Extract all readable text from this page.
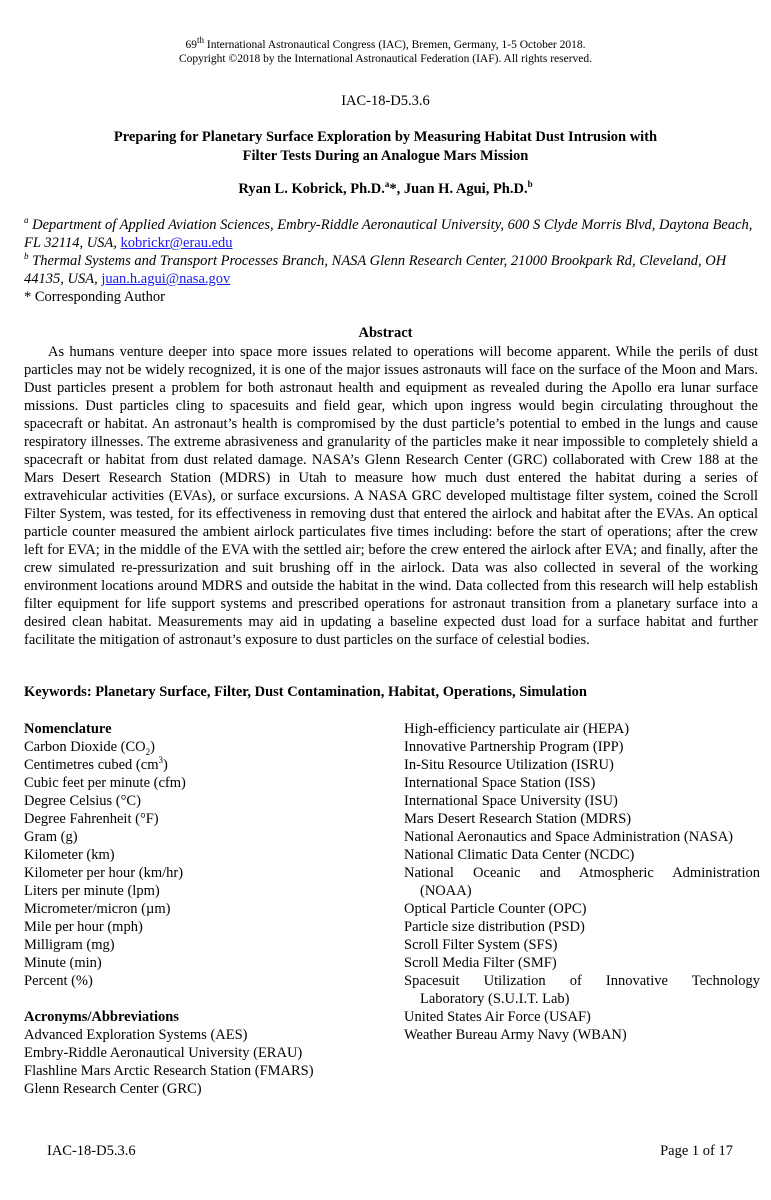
69th International Astronautical Congress (IAC), Bremen, Germany, 1-5 October 2018.
Copyright ©2018 by the International Astronautical Federation (IAF). All rights reserved.
IAC-18-D5.3.6
Preparing for Planetary Surface Exploration by Measuring Habitat Dust Intrusion with Filter Tests During an Analogue Mars Mission
Ryan L. Kobrick, Ph.D.$^a$*, Juan H. Agui, Ph.D.$^b$
$^a$ Department of Applied Aviation Sciences, Embry-Riddle Aeronautical University, 600 S Clyde Morris Blvd, Daytona Beach, FL 32114, USA, kobrickr@erau.edu
$^b$ Thermal Systems and Transport Processes Branch, NASA Glenn Research Center, 21000 Brookpark Rd, Cleveland, OH 44135, USA, juan.h.agui@nasa.gov
* Corresponding Author
Abstract

As humans venture deeper into space more issues related to operations will become apparent. While the perils of dust particles may not be widely recognized, it is one of the major issues astronauts will face on the surface of the Moon and Mars. Dust particles present a problem for both astronaut health and equipment as revealed during the Apollo era lunar surface missions. Dust particles cling to spacesuits and field gear, which upon ingress would begin circulating throughout the spacecraft or habitat. An astronaut’s health is compromised by the dust particle’s potential to embed in the lungs and cause respiratory illnesses. The extreme abrasiveness and granularity of the particles make it near impossible to completely shield a spacecraft or habitat from dust related damage. NASA’s Glenn Research Center (GRC) collaborated with Crew 188 at the Mars Desert Research Station (MDRS) in Utah to measure how much dust entered the habitat during a series of extravehicular activities (EVAs), or surface excursions. A NASA GRC developed multistage filter system, coined the Scroll Filter System, was tested, for its effectiveness in removing dust that entered the airlock and habitat after the EVAs. An optical particle counter measured the ambient airlock particulates five times including: before the start of operations; after the crew left for EVA; in the middle of the EVA with the settled air; before the crew entered the airlock after EVA; and finally, after the crew simulated re-pressurization and suit brushing off in the airlock. Data was also collected in several of the working environment locations around MDRS and outside the habitat in the wind. Data collected from this research will help establish filter equipment for life support systems and prescribed operations for astronaut transition from a planetary surface into a desired clean habitat. Measurements may aid in updating a baseline expected dust load for a surface habitat and further facilitate the mitigation of astronaut’s exposure to dust particles on the surface of celestial bodies.

Keywords: Planetary Surface, Filter, Dust Contamination, Habitat, Operations, Simulation
Nomenclature
Carbon Dioxide $(CO_2)$
Centimetres cubed $(cm^3)$
Cubic feet per minute (cfm)
Degree Celsius (°C)
Degree Fahrenheit (°F)
Gram (g)
Kilometer (km)
Kilometer per hour (km/hr)
Liters per minute (lpm)
Micrometer/micron (µm)
Mile per hour (mph)
Milligram (mg)
Minute (min)
Percent (%)
Acronyms/Abbreviations
Advanced Exploration Systems (AES)
Embry-Riddle Aeronautical University (ERAU)
Flashline Mars Arctic Research Station (FMARS)
Glenn Research Center (GRC)
High-efficiency particulate air (HEPA)
Innovative Partnership Program (IPP)
In-Situ Resource Utilization (ISRU)
International Space Station (ISS)
International Space University (ISU)
Mars Desert Research Station (MDRS)
National Aeronautics and Space Administration (NASA)
National Climatic Data Center (NCDC)
National Oceanic and Atmospheric Administration
(NOAA)
Optical Particle Counter (OPC)
Particle size distribution (PSD)
Scroll Filter System (SFS)
Scroll Media Filter (SMF)
Spacesuit Utilization of Innovative Technology
Laboratory (S.U.I.T. Lab)
United States Air Force (USAF)
Weather Bureau Army Navy (WBAN)
IAC-18-D5.3.6	Page 1 of 17
